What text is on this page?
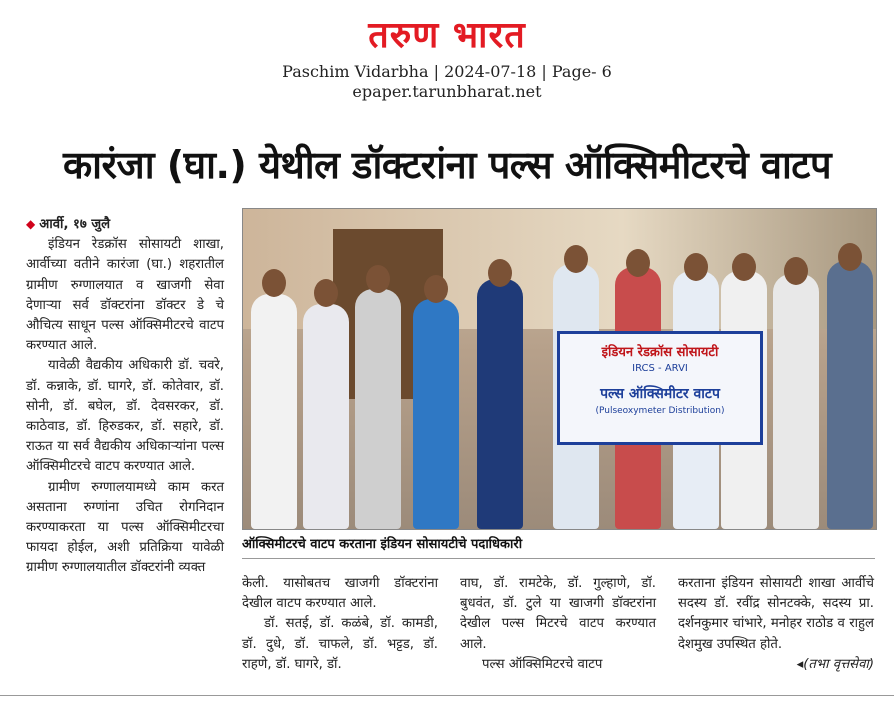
तरुण भारत
Paschim Vidarbha | 2024-07-18 | Page- 6
epaper.tarunbharat.net
कारंजा (घा.) येथील डॉक्टरांना पल्स ऑक्सिमीटरचे वाटप

◆ आर्वी, १७ जुलै

इंडियन रेडक्रॉस सोसायटी शाखा, आर्वीच्या वतीने कारंजा (घा.) शहरातील ग्रामीण रुग्णालयात व खाजगी सेवा देणाऱ्या सर्व डॉक्टरांना डॉक्टर डे चे औचित्य साधून पल्स ऑक्सिमीटरचे वाटप करण्यात आले.

यावेळी वैद्यकीय अधिकारी डॉ. चवरे, डॉ. कन्नाके, डॉ. घागरे, डॉ. कोतेवार, डॉ. सोनी, डॉ. बघेल, डॉ. देवसरकर, डॉ. काठेवाड, डॉ. हिरुडकर, डॉ. सहारे, डॉ. राऊत या सर्व वैद्यकीय अधिकाऱ्यांना पल्स ऑक्सिमीटरचे वाटप करण्यात आले.

ग्रामीण रुग्णालयामध्ये काम करत असताना रुग्णांना उचित रोगनिदान करण्याकरता या पल्स ऑक्सिमीटरचा फायदा होईल, अशी प्रतिक्रिया यावेळी ग्रामीण रुग्णालयातील डॉक्टरांनी व्यक्त

इंडियन रेडक्रॉस सोसायटी
IRCS - ARVI
पल्स ऑक्सिमीटर वाटप
(Pulseoxymeter Distribution)
ऑक्सिमीटरचे वाटप करताना इंडियन सोसायटीचे पदाधिकारी

केली. यासोबतच खाजगी डॉक्टरांना देखील वाटप करण्यात आले.

डॉ. सतई, डॉ. कळंबे, डॉ. कामडी, डॉ. दुधे, डॉ. चाफले, डॉ. भट्टड, डॉ. राहणे, डॉ. घागरे, डॉ.

वाघ, डॉ. रामटेके, डॉ. गुल्हाणे, डॉ. बुधवंत, डॉ. टुले या खाजगी डॉक्टरांना देखील पल्स मिटरचे वाटप करण्यात आले.

पल्स ऑक्सिमिटरचे वाटप

करताना इंडियन सोसायटी शाखा आर्वीचे सदस्य डॉ. रवींद्र सोनटक्के, सदस्य प्रा. दर्शनकुमार चांभारे, मनोहर राठोड व राहुल देशमुख उपस्थित होते.

◂(तभा वृत्तसेवा)
